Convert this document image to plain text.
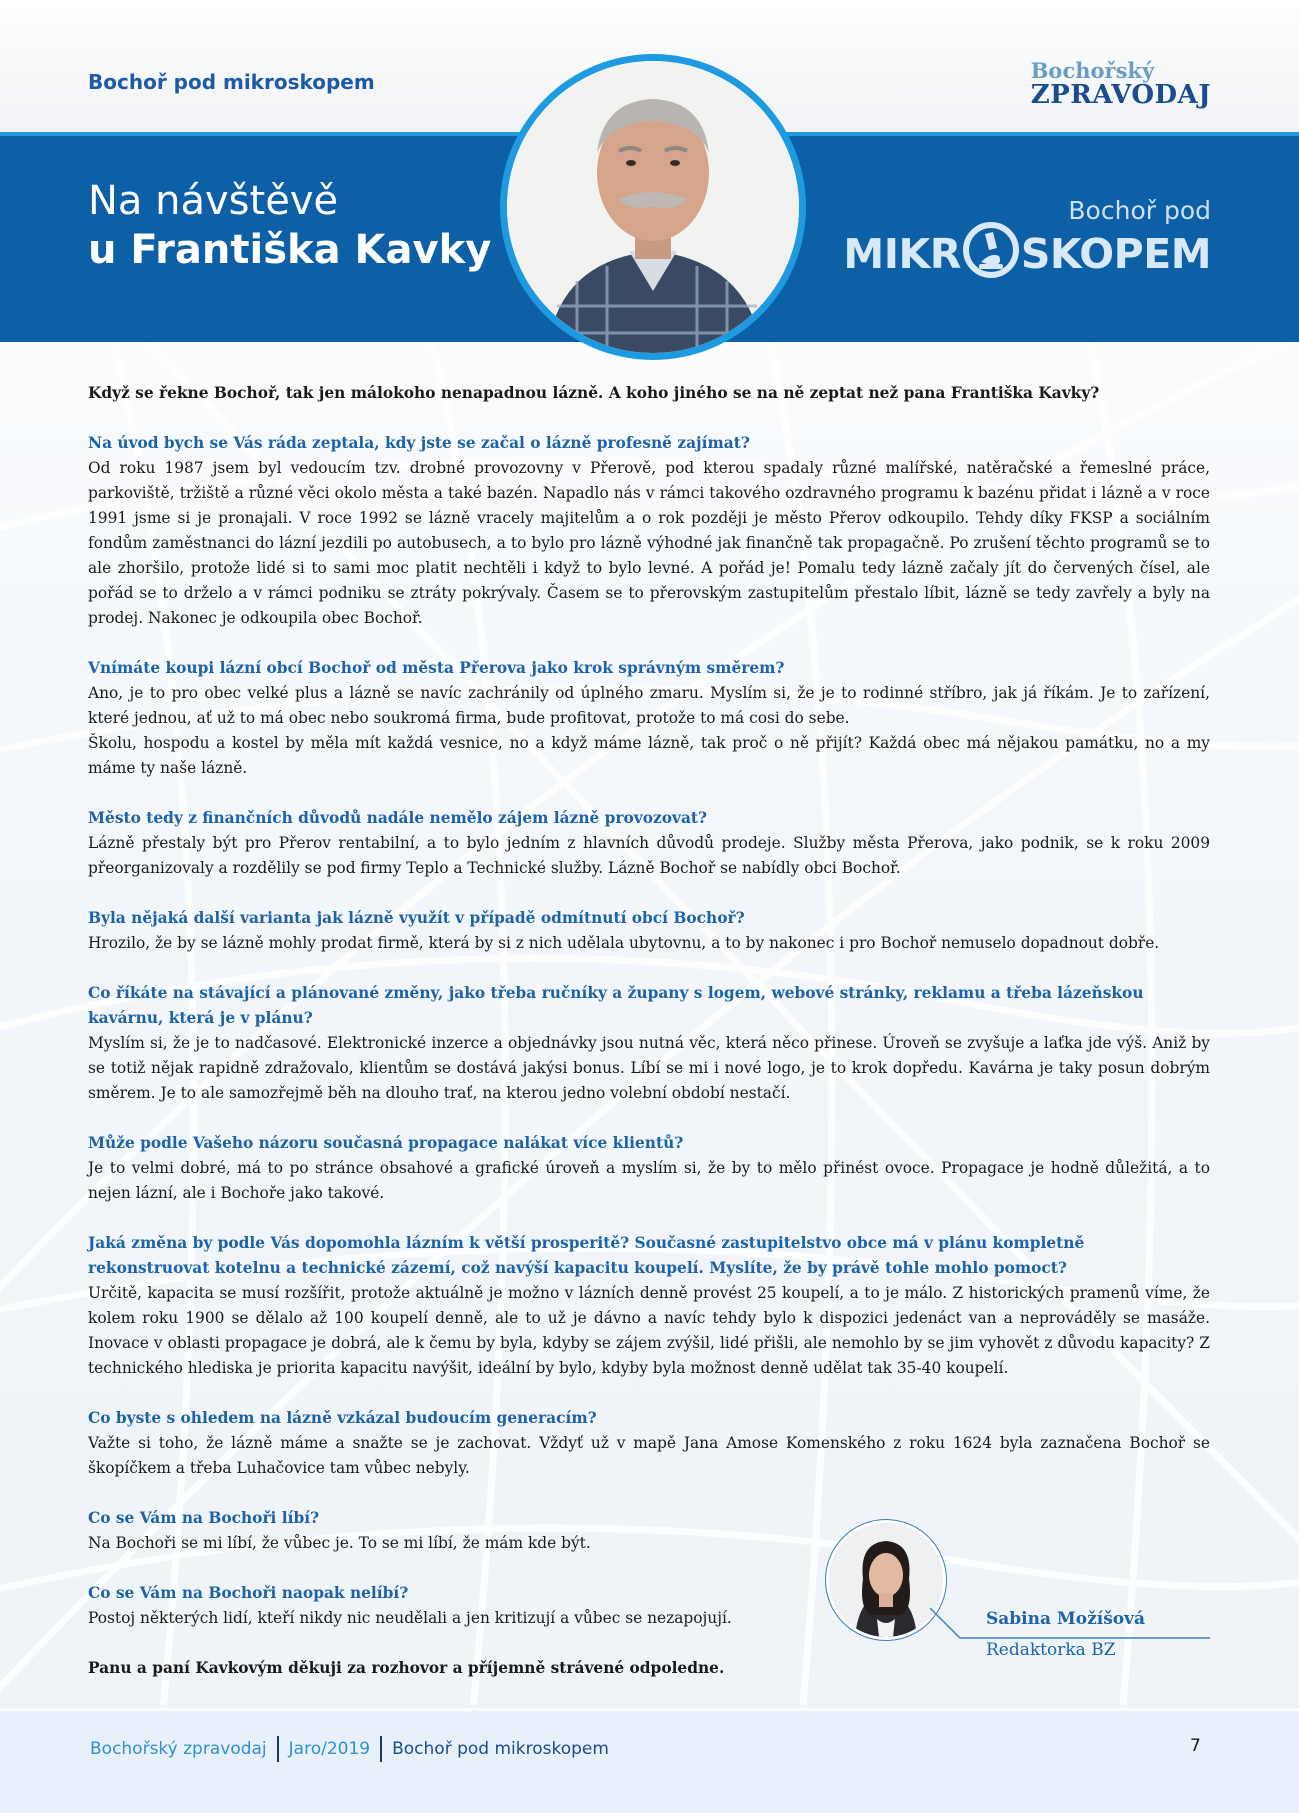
Bochoř pod mikroskopem	Bochořský
ZPRAVODAJ
Na návštěvě
u Františka Kavky
Bochoř pod
MIKR SKOPEM

Když se řekne Bochoř, tak jen málokoho nenapadnou lázně. A koho jiného se na ně zeptat než pana Františka Kavky?

Na úvod bych se Vás ráda zeptala, kdy jste se začal o lázně profesně zajímat?

Od roku 1987 jsem byl vedoucím tzv. drobné provozovny v Přerově, pod kterou spadaly různé malířské, natěračské a řemeslné práce, parkoviště, tržiště a různé věci okolo města a také bazén. Napadlo nás v rámci takového ozdravného programu k bazénu přidat i lázně a v roce 1991 jsme si je pronajali. V roce 1992 se lázně vracely majitelům a o rok později je město Přerov odkoupilo. Tehdy díky FKSP a sociálním fondům zaměstnanci do lázní jezdili po autobusech, a to bylo pro lázně výhodné jak finančně tak propagačně. Po zrušení těchto programů se to ale zhoršilo, protože lidé si to sami moc platit nechtěli i když to bylo levné. A pořád je! Pomalu tedy lázně začaly jít do červených čísel, ale pořád se to drželo a v rámci podniku se ztráty pokrývaly. Časem se to přerovským zastupitelům přestalo líbit, lázně se tedy zavřely a byly na prodej. Nakonec je odkoupila obec Bochoř.

Vnímáte koupi lázní obcí Bochoř od města Přerova jako krok správným směrem?

Ano, je to pro obec velké plus a lázně se navíc zachránily od úplného zmaru. Myslím si, že je to rodinné stříbro, jak já říkám. Je to zařízení, které jednou, ať už to má obec nebo soukromá firma, bude profitovat, protože to má cosi do sebe.

Školu, hospodu a kostel by měla mít každá vesnice, no a když máme lázně, tak proč o ně přijít? Každá obec má nějakou památku, no a my máme ty naše lázně.

Město tedy z finančních důvodů nadále nemělo zájem lázně provozovat?

Lázně přestaly být pro Přerov rentabilní, a to bylo jedním z hlavních důvodů prodeje. Služby města Přerova, jako podnik, se k roku 2009 přeorganizovaly a rozdělily se pod firmy Teplo a Technické služby. Lázně Bochoř se nabídly obci Bochoř.

Byla nějaká další varianta jak lázně využít v případě odmítnutí obcí Bochoř?

Hrozilo, že by se lázně mohly prodat firmě, která by si z nich udělala ubytovnu, a to by nakonec i pro Bochoř nemuselo dopadnout dobře.

Co říkáte na stávající a plánované změny, jako třeba ručníky a župany s logem, webové stránky, reklamu a třeba lázeňskou kavárnu, která je v plánu?

Myslím si, že je to nadčasové. Elektronické inzerce a objednávky jsou nutná věc, která něco přinese. Úroveň se zvyšuje a laťka jde výš. Aniž by se totiž nějak rapidně zdražovalo, klientům se dostává jakýsi bonus. Líbí se mi i nové logo, je to krok dopředu. Kavárna je taky posun dobrým směrem. Je to ale samozřejmě běh na dlouho trať, na kterou jedno volební období nestačí.

Může podle Vašeho názoru současná propagace nalákat více klientů?

Je to velmi dobré, má to po stránce obsahové a grafické úroveň a myslím si, že by to mělo přinést ovoce. Propagace je hodně důležitá, a to nejen lázní, ale i Bochoře jako takové.

Jaká změna by podle Vás dopomohla lázním k větší prosperitě? Současné zastupitelstvo obce má v plánu kompletně rekonstruovat kotelnu a technické zázemí, což navýší kapacitu koupelí. Myslíte, že by právě tohle mohlo pomoct?

Určitě, kapacita se musí rozšířit, protože aktuálně je možno v lázních denně provést 25 koupelí, a to je málo. Z historických pramenů víme, že kolem roku 1900 se dělalo až 100 koupelí denně, ale to už je dávno a navíc tehdy bylo k dispozici jedenáct van a neprováděly se masáže. Inovace v oblasti propagace je dobrá, ale k čemu by byla, kdyby se zájem zvýšil, lidé přišli, ale nemohlo by se jim vyhovět z důvodu kapacity? Z technického hlediska je priorita kapacitu navýšit, ideální by bylo, kdyby byla možnost denně udělat tak 35-40 koupelí.

Co byste s ohledem na lázně vzkázal budoucím generacím?

Važte si toho, že lázně máme a snažte se je zachovat. Vždyť už v mapě Jana Amose Komenského z roku 1624 byla zaznačena Bochoř se škopíčkem a třeba Luhačovice tam vůbec nebyly.

Co se Vám na Bochoři líbí?

Na Bochoři se mi líbí, že vůbec je. To se mi líbí, že mám kde být.

Co se Vám na Bochoři naopak nelíbí?

Postoj některých lidí, kteří nikdy nic neudělali a jen kritizují a vůbec se nezapojují.

Panu a paní Kavkovým děkuji za rozhovor a příjemně strávené odpoledne.

Sabina Možíšová
Redaktorka BZ
Bochořský zpravodaj Jaro/2019 Bochoř pod mikroskopem	7
